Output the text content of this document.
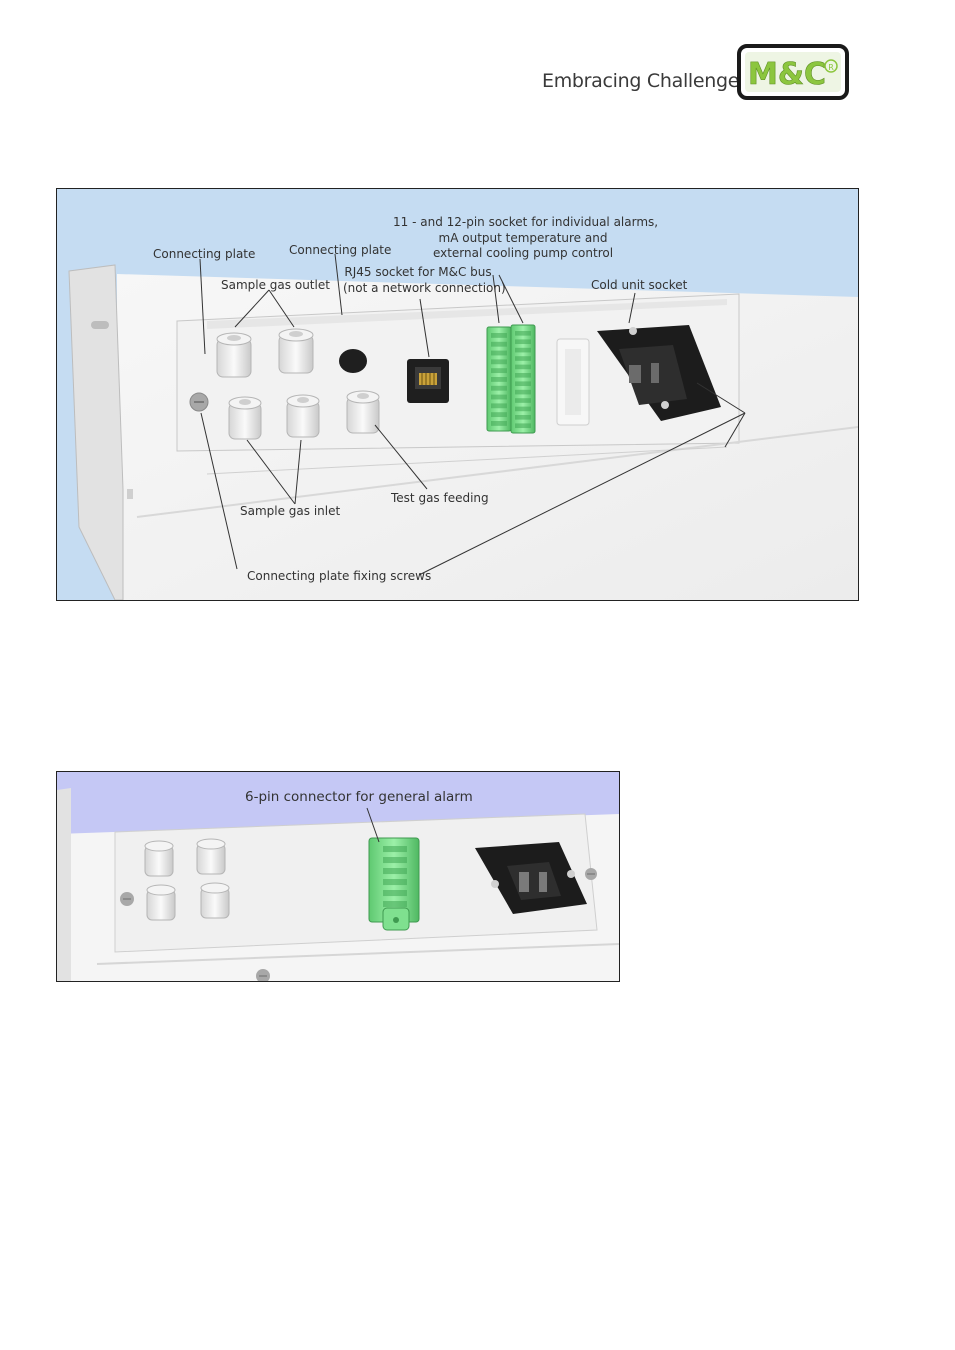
Embracing Challenge M&C R
Connecting plate	Connecting plate
Sample gas outlet
RJ45 socket for M&C bus
(not a network connection)
11 - and 12-pin socket for individual alarms,
mA output temperature and
external cooling pump control
Cold unit socket
Test gas feeding
Sample gas inlet
Connecting plate fixing screws
6-pin connector for general alarm
